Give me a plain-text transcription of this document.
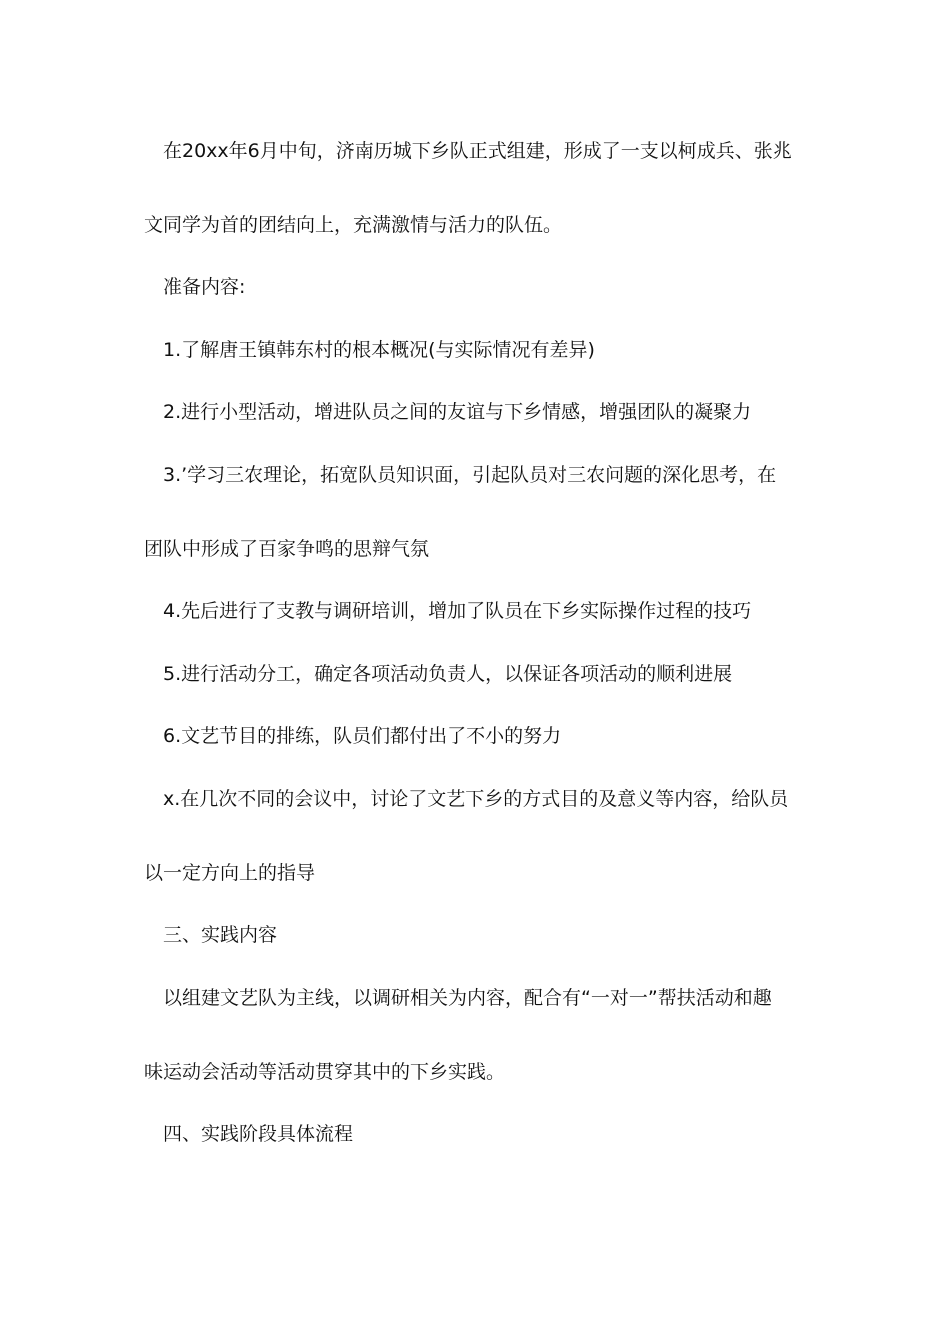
在20xx年6月中旬，济南历城下乡队正式组建，形成了一支以柯成兵、张兆
文同学为首的团结向上，充满激情与活力的队伍。
准备内容:
1.了解唐王镇韩东村的根本概况(与实际情况有差异)
2.进行小型活动，增进队员之间的友谊与下乡情感，增强团队的凝聚力
3.’学习三农理论，拓宽队员知识面，引起队员对三农问题的深化思考，在
团队中形成了百家争鸣的思辩气氛
4.先后进行了支教与调研培训，增加了队员在下乡实际操作过程的技巧
5.进行活动分工，确定各项活动负责人，以保证各项活动的顺利进展
6.文艺节目的排练，队员们都付出了不小的努力
x.在几次不同的会议中，讨论了文艺下乡的方式目的及意义等内容，给队员
以一定方向上的指导
三、实践内容
以组建文艺队为主线，以调研相关为内容，配合有“一对一”帮扶活动和趣
味运动会活动等活动贯穿其中的下乡实践。
四、实践阶段具体流程
